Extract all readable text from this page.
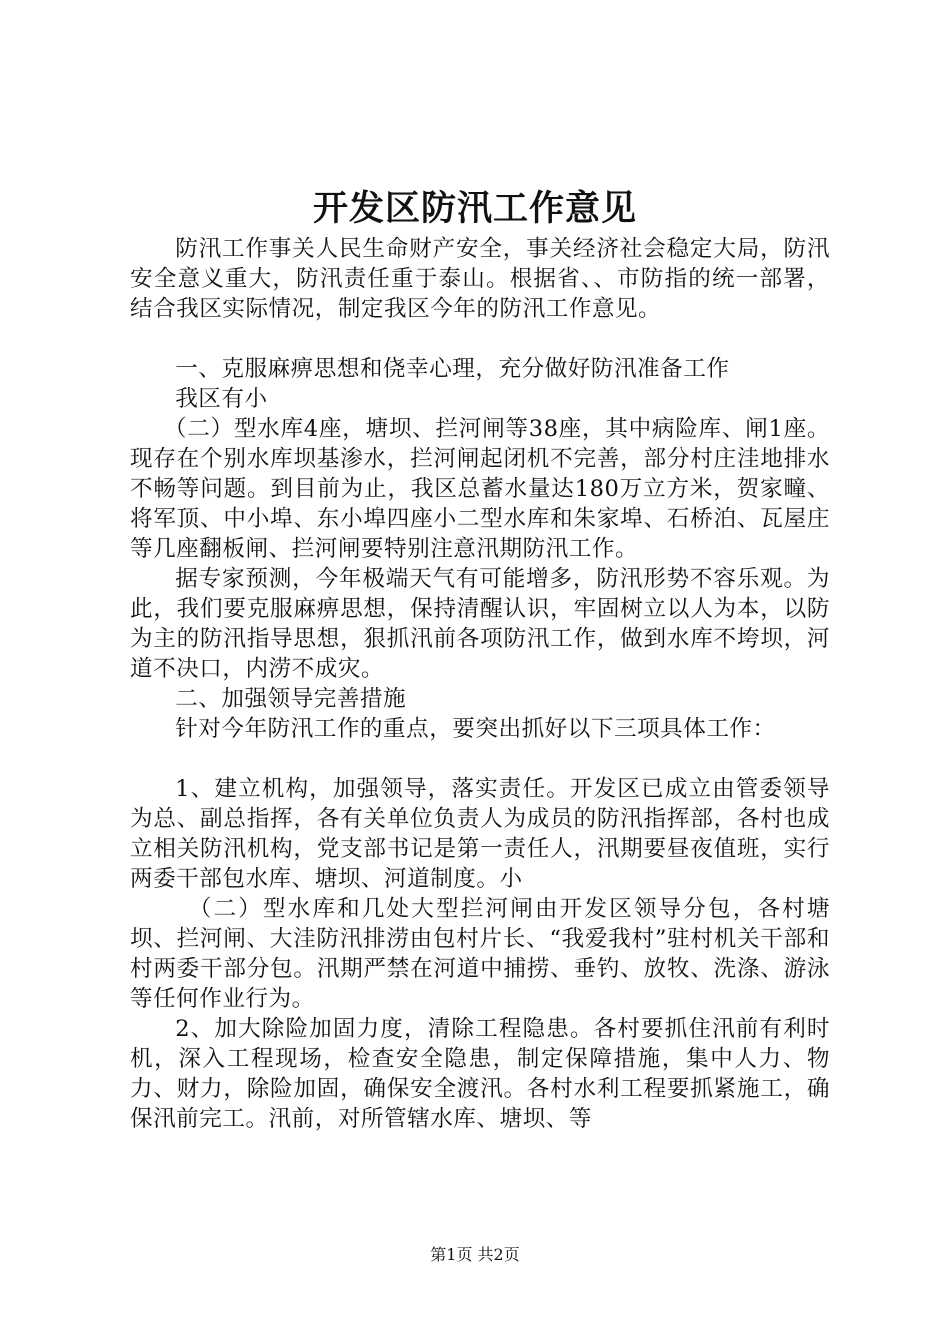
开发区防汛工作意见

防汛工作事关人民生命财产安全，事关经济社会稳定大局，防汛安全意义重大，防汛责任重于泰山。根据省、、市防指的统一部署，结合我区实际情况，制定我区今年的防汛工作意见。

一、克服麻痹思想和侥幸心理，充分做好防汛准备工作

我区有小

（二）型水库4座，塘坝、拦河闸等38座，其中病险库、闸1座。现存在个别水库坝基渗水，拦河闸起闭机不完善，部分村庄洼地排水不畅等问题。到目前为止，我区总蓄水量达180万立方米，贺家疃、将军顶、中小埠、东小埠四座小二型水库和朱家埠、石桥泊、瓦屋庄等几座翻板闸、拦河闸要特别注意汛期防汛工作。

据专家预测，今年极端天气有可能增多，防汛形势不容乐观。为此，我们要克服麻痹思想，保持清醒认识，牢固树立以人为本，以防为主的防汛指导思想，狠抓汛前各项防汛工作，做到水库不垮坝，河道不决口，内涝不成灾。

二、加强领导完善措施

针对今年防汛工作的重点，要突出抓好以下三项具体工作：

1、建立机构，加强领导，落实责任。开发区已成立由管委领导为总、副总指挥，各有关单位负责人为成员的防汛指挥部，各村也成立相关防汛机构，党支部书记是第一责任人，汛期要昼夜值班，实行两委干部包水库、塘坝、河道制度。小

（二）型水库和几处大型拦河闸由开发区领导分包，各村塘坝、拦河闸、大洼防汛排涝由包村片长、“我爱我村”驻村机关干部和村两委干部分包。汛期严禁在河道中捕捞、垂钓、放牧、洗涤、游泳等任何作业行为。

2、加大除险加固力度，清除工程隐患。各村要抓住汛前有利时机，深入工程现场，检查安全隐患，制定保障措施，集中人力、物力、财力，除险加固，确保安全渡汛。各村水利工程要抓紧施工，确保汛前完工。汛前，对所管辖水库、塘坝、等

第1页 共2页
